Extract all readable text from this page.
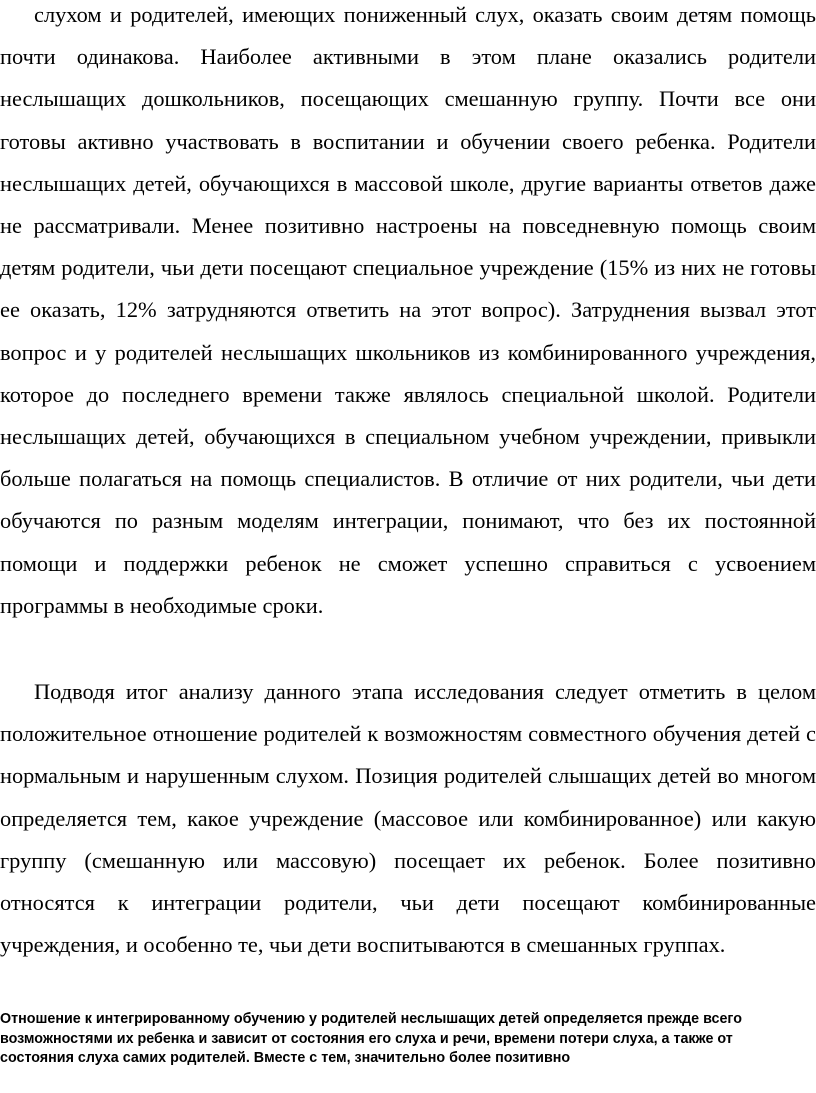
слухом и родителей, имеющих пониженный слух, оказать своим детям помощь почти одинакова. Наиболее активными в этом плане оказались родители неслышащих дошкольников, посещающих смешанную группу. Почти все они готовы активно участвовать в воспитании и обучении своего ребенка. Родители неслышащих детей, обучающихся в массовой школе, другие варианты ответов даже не рассматривали. Менее позитивно настроены на повседневную помощь своим детям родители, чьи дети посещают специальное учреждение (15% из них не готовы ее оказать, 12% затрудняются ответить на этот вопрос). Затруднения вызвал этот вопрос и у родителей неслышащих школьников из комбинированного учреждения, которое до последнего времени также являлось специальной школой. Родители неслышащих детей, обучающихся в специальном учебном учреждении, привыкли больше полагаться на помощь специалистов. В отличие от них родители, чьи дети обучаются по разным моделям интеграции, понимают, что без их постоянной помощи и поддержки ребенок не сможет успешно справиться с усвоением программы в необходимые сроки.

Подводя итог анализу данного этапа исследования следует отметить в целом положительное отношение родителей к возможностям совместного обучения детей с нормальным и нарушенным слухом. Позиция родителей слышащих детей во многом определяется тем, какое учреждение (массовое или комбинированное) или какую группу (смешанную или массовую) посещает их ребенок. Более позитивно относятся к интеграции родители, чьи дети посещают комбинированные учреждения, и особенно те, чьи дети воспитываются в смешанных группах.

Отношение к интегрированному обучению у родителей неслышащих детей определяется прежде всего возможностями их ребенка и зависит от состояния его слуха и речи, времени потери слуха, а также от состояния слуха самих родителей. Вместе с тем, значительно более позитивно
